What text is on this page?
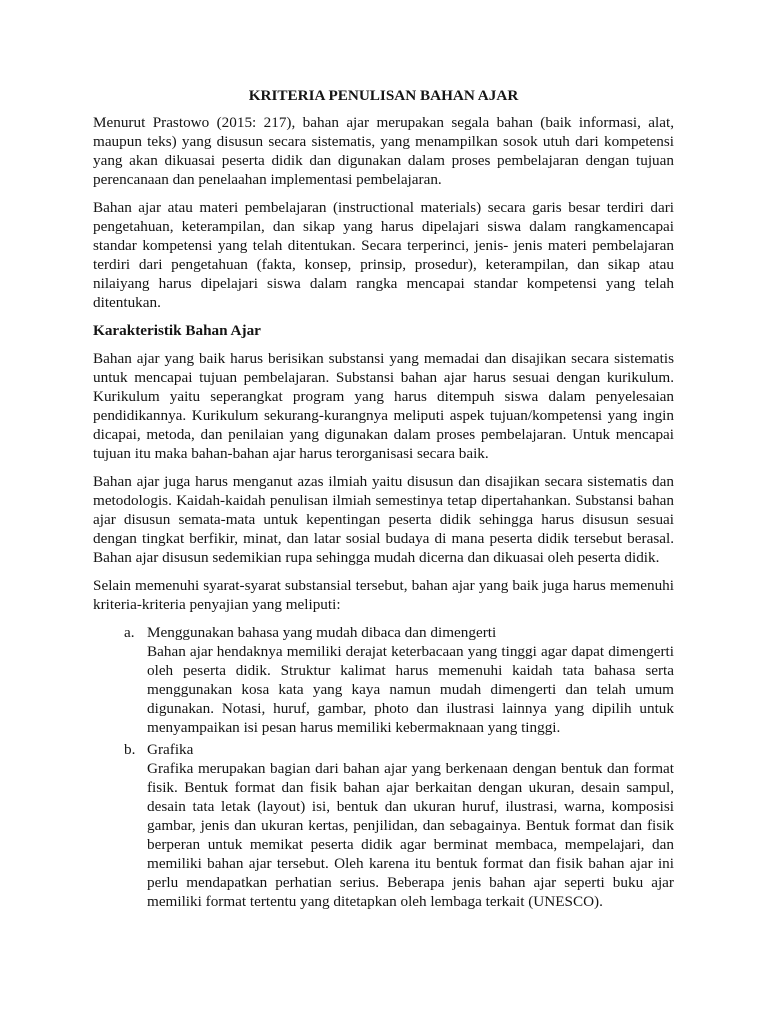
KRITERIA PENULISAN BAHAN AJAR

Menurut Prastowo (2015: 217), bahan ajar merupakan segala bahan (baik informasi, alat, maupun teks) yang disusun secara sistematis, yang menampilkan sosok utuh dari kompetensi yang akan dikuasai peserta didik dan digunakan dalam proses pembelajaran dengan tujuan perencanaan dan penelaahan implementasi pembelajaran.

Bahan ajar atau materi pembelajaran (instructional materials) secara garis besar terdiri dari pengetahuan, keterampilan, dan sikap yang harus dipelajari siswa dalam rangkamencapai standar kompetensi yang telah ditentukan. Secara terperinci, jenis- jenis materi pembelajaran terdiri dari pengetahuan (fakta, konsep, prinsip, prosedur), keterampilan, dan sikap atau nilaiyang harus dipelajari siswa dalam rangka mencapai standar kompetensi yang telah ditentukan.

Karakteristik Bahan Ajar

Bahan ajar yang baik harus berisikan substansi yang memadai dan disajikan secara sistematis untuk mencapai tujuan pembelajaran. Substansi bahan ajar harus sesuai dengan kurikulum. Kurikulum yaitu seperangkat program yang harus ditempuh siswa dalam penyelesaian pendidikannya. Kurikulum sekurang-kurangnya meliputi aspek tujuan/kompetensi yang ingin dicapai, metoda, dan penilaian yang digunakan dalam proses pembelajaran. Untuk mencapai tujuan itu maka bahan-bahan ajar harus terorganisasi secara baik.

Bahan ajar juga harus menganut azas ilmiah yaitu disusun dan disajikan secara sistematis dan metodologis. Kaidah-kaidah penulisan ilmiah semestinya tetap dipertahankan. Substansi bahan ajar disusun semata-mata untuk kepentingan peserta didik sehingga harus disusun sesuai dengan tingkat berfikir, minat, dan latar sosial budaya di mana peserta didik tersebut berasal. Bahan ajar disusun sedemikian rupa sehingga mudah dicerna dan dikuasai oleh peserta didik.

Selain memenuhi syarat-syarat substansial tersebut, bahan ajar yang baik juga harus memenuhi kriteria-kriteria penyajian yang meliputi:

a. Menggunakan bahasa yang mudah dibaca dan dimengerti
Bahan ajar hendaknya memiliki derajat keterbacaan yang tinggi agar dapat dimengerti oleh peserta didik. Struktur kalimat harus memenuhi kaidah tata bahasa serta menggunakan kosa kata yang kaya namun mudah dimengerti dan telah umum digunakan. Notasi, huruf, gambar, photo dan ilustrasi lainnya yang dipilih untuk menyampaikan isi pesan harus memiliki kebermaknaan yang tinggi.
b. Grafika
Grafika merupakan bagian dari bahan ajar yang berkenaan dengan bentuk dan format fisik. Bentuk format dan fisik bahan ajar berkaitan dengan ukuran, desain sampul, desain tata letak (layout) isi, bentuk dan ukuran huruf, ilustrasi, warna, komposisi gambar, jenis dan ukuran kertas, penjilidan, dan sebagainya. Bentuk format dan fisik berperan untuk memikat peserta didik agar berminat membaca, mempelajari, dan memiliki bahan ajar tersebut. Oleh karena itu bentuk format dan fisik bahan ajar ini perlu mendapatkan perhatian serius. Beberapa jenis bahan ajar seperti buku ajar memiliki format tertentu yang ditetapkan oleh lembaga terkait (UNESCO).
